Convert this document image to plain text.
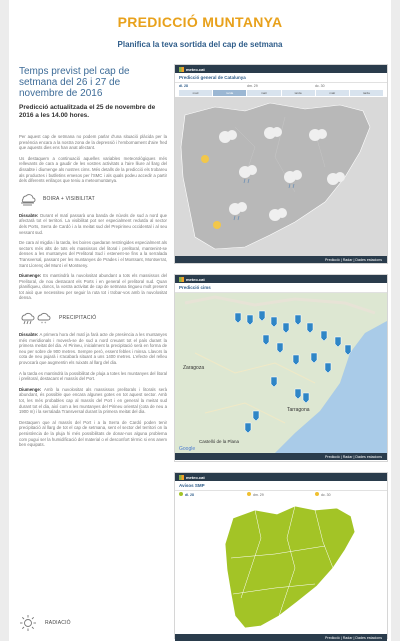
PREDICCIÓ MUNTANYA
Planifica la teva sortida del cap de setmana
Temps previst pel cap de setmana del 26 i 27 de novembre de 2016
Predicció actualitzada el 25 de novembre de 2016 a les 14.00 hores.

Per aquest cap de setmana no podem parlar d'una situació plàcida per la presència encara a la nostra zona de la depressió i l'embornament d'aire fred que aquests dies ens han anat afectant.

Us destaquem a continuació aquelles variables meteorològiques més rellevants de cara a gaudir de les vostres activitats a l'aire lliure al llarg del dissabte i diumenge als nostres cims. Més detalls de la predicció els trobareu als productes i butlletins emesos per l'SMC i als quals podeu accedir a partir dels diferents enllaços que teniu a meteomuntanya.

BOIRA + VISIBILITAT

Dissabte: Durant el matí passarà una banda de núvols de sud a nord que afectarà tot el territori. La visibilitat pot ser especialment reduïda al sector dels Ports, Serra de Cardó i a la meitat sud del Prepirineu occidental i al seu vessant sud.

De cara al migdia i la tarda, les boires quedaran restringides especialment als sectors més alts de tots els massissos del litoral i prelitoral, mantenint-se denses a les muntanyes del Prelitoral Sud i estenent-se fins a la serralada Transversal, passant per les muntanyes de Prades i el Montsant, Montserrat, Sant Llorenç del Munt i el Montseny.

Diumenge: Es mantindrà la nuvolositat abundant a tots els massissos del Prelitoral, de nou destacant els Ports i en general el prelitoral sud. Quan planifiqueu, doncs, la vostra activitat de cap de setmana tingueu molt present tot això que necessiteu per seguir la ruta tot i trobar-vos amb la nuvolositat densa.

* *
PRECIPITACIÓ

Dissabte: A primera hora del matí ja farà acte de presència a les muntanyes més meridionals i moverà-se de sud a nord creuant tot el país durant la primera meitat del dia. Al Pirineu, inicialment la precipitació serà en forma de neu per sobre de 900 metres. Sempre però, essent febles i minsa. Llavors la cota de neu pujarà i s'acabarà situant a uns 1400 metres. L'efecte del relleu provocarà que augmentin els ruixats al llarg del dia.

A la tarda es mantindrà la possibilitat de pluja a totes les muntanyes del litoral i prelitoral, destacant el massís del Port.

Diumenge: Amb la nuvolositat als massissos prelitorals i litorals serà abundant, és possible que encara algunes gotes en tot aquest sector. Amb tot, les més probables cap al massís del Port i en general la meitat sud durant tot el dia, així com a les muntanyes del Pirineu oriental (cota de neu a 1900 m) i la serralada Transversal durant la primera meitat del dia.

Destaquen que al massís del Port i a la Serra de Cardó poden tenir precipitació al llarg de tot el cap de setmana, sent el sector del territori on la persistència de la pluja hi més possibilitats de donar-nos alguna problema com pugui ser la humidificació del material o el desconfort tèrmic si ens anem ben equipats.

RADIACIÓ
meteo.cat
Predicció general de Catalunya
dl. 28	dm. 29	dc. 30
matí	tarda	matí	tarda	matí	tarda
Predicció | Radar | Dades estacions
meteo.cat
Predicció cims
Zaragoza
Tarragona
Castelló de la Plana
Google
Predicció | Radar | Dades estacions
meteo.cat
Avisos SMP
dl. 28	dm. 29	dc. 30
Predicció | Radar | Dades estacions
